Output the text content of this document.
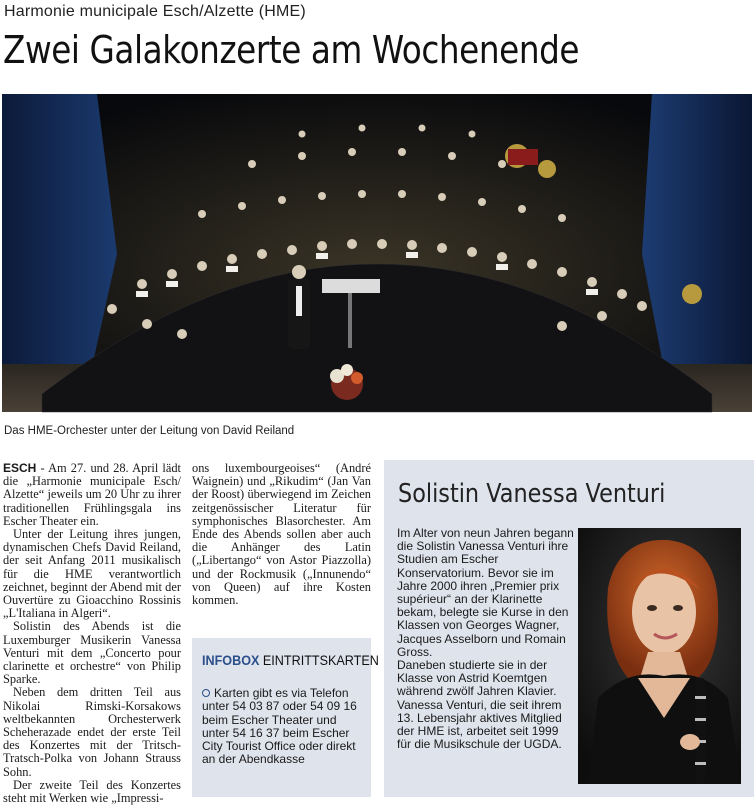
Harmonie municipale Esch/Alzette (HME)
Zwei Galakonzerte am Wochenende
Das HME-Orchester unter der Leitung von David Reiland

ESCH - Am 27. und 28. April lädt die „Harmonie municipale Esch/ Alzette“ jeweils um 20 Uhr zu ihrer traditionellen Frühlingsgala ins Escher Theater ein.

Unter der Leitung ihres jungen, dynamischen Chefs David Reiland, der seit Anfang 2011 musikalisch für die HME verantwortlich zeichnet, beginnt der Abend mit der Ouvertüre zu Gioacchino Rossinis „L'Italiana in Algeri“.

Solistin des Abends ist die Luxemburger Musikerin Vanessa Venturi mit dem „Concerto pour clarinette et orchestre“ von Philip Sparke.

Neben dem dritten Teil aus Nikolai Rimski-Korsakows weltbekannten Orchesterwerk Scheherazade endet der erste Teil des Konzertes mit der Tritsch-Tratsch-Polka von Johann Strauss Sohn.

Der zweite Teil des Konzertes steht mit Werken wie „Impressi-

ons luxembourgeoises“ (André Waignein) und „Rikudim“ (Jan Van der Roost) überwiegend im Zeichen zeitgenössischer Literatur für symphonisches Blasorchester. Am Ende des Abends sollen aber auch die Anhänger des Latin („Libertango“ von Astor Piazzolla) und der Rockmusik („Innunendo“ von Queen) auf ihre Kosten kommen.

INFOBOX EINTRITTSKARTEN
Karten gibt es via Telefon unter 54 03 87 oder 54 09 16 beim Escher Theater und unter 54 16 37 beim Escher City Tourist Office oder direkt an der Abendkasse
Solistin Vanessa Venturi

Im Alter von neun Jahren begann die Solistin Vanessa Venturi ihre Studien am Escher Konservatorium. Bevor sie im Jahre 2000 ihren „Premier prix supérieur“ an der Klarinette bekam, belegte sie Kurse in den Klassen von Georges Wagner, Jacques Asselborn und Romain Gross.

Daneben studierte sie in der Klasse von Astrid Koemtgen während zwölf Jahren Klavier.

Vanessa Venturi, die seit ihrem 13. Lebensjahr aktives Mitglied der HME ist, arbeitet seit 1999 für die Musikschule der UGDA.
